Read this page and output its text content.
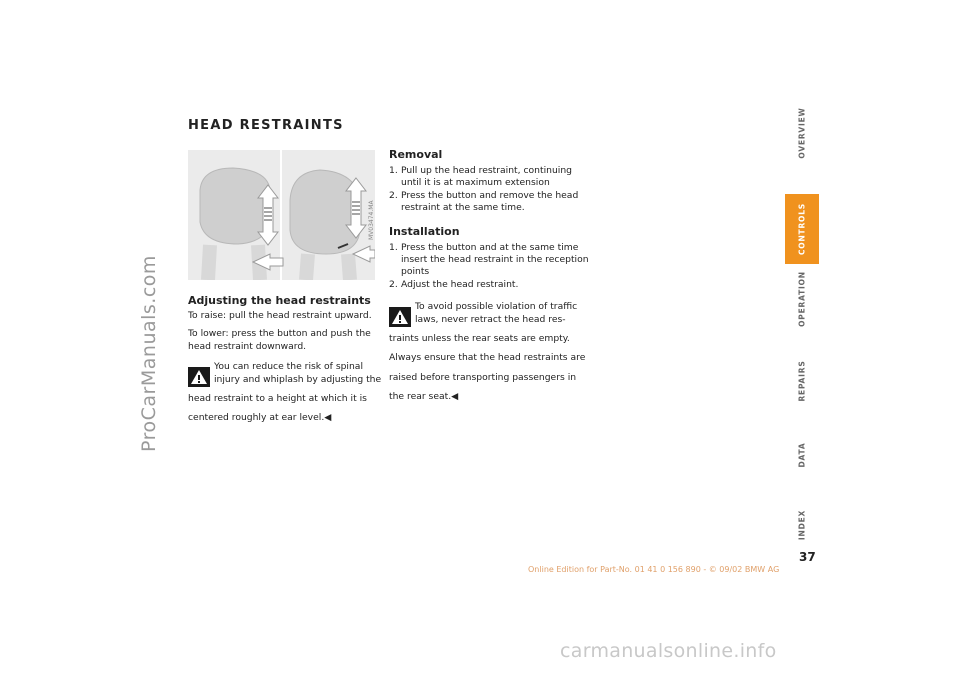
ProCarManuals.com
HEAD RESTRAINTS
MV03474.MA
Adjusting the head restraints

To raise: pull the head restraint upward.

To lower: press the button and push the head restraint downward.

You can reduce the risk of spinal injury and whiplash by adjusting the

head restraint to a height at which it is centered roughly at ear level.

◀
Removal
1. Pull up the head restraint, continuing until it is at maximum extension
2. Press the button and remove the head restraint at the same time.
Installation
1. Press the button and at the same time insert the head restraint in the reception points
2. Adjust the head restraint.

To avoid possible violation of traffic laws, never retract the head res-

traints unless the rear seats are empty. Always ensure that the head restraints are raised before transporting passengers in the rear seat.

◀
OVERVIEW
CONTROLS
OPERATION
REPAIRS
DATA
INDEX
37
Online Edition for Part-No. 01 41 0 156 890 - © 09/02 BMW AG
carmanualsonline.info
